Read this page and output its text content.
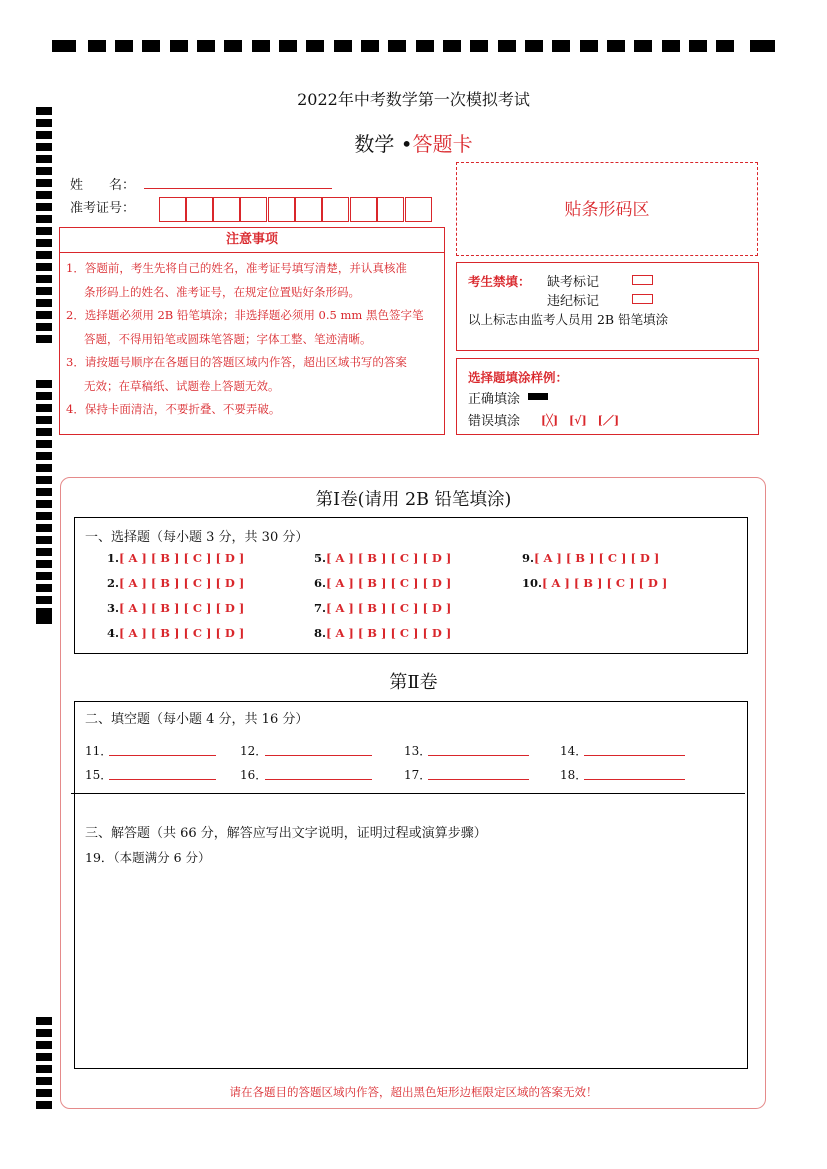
2022年中考数学第一次模拟考试
数学 •答题卡
姓　　名：
准考证号：	贴条形码区
注意事项
1．答题前，考生先将自己的姓名，准考证号填写清楚，并认真核准
条形码上的姓名、准考证号，在规定位置贴好条形码。
2．选择题必须用 2B 铅笔填涂；非选择题必须用 0.5 mm 黑色签字笔
答题，不得用铅笔或圆珠笔答题；字体工整、笔迹清晰。
3．请按题号顺序在各题目的答题区域内作答，超出区域书写的答案
无效；在草稿纸、试题卷上答题无效。
4．保持卡面清洁，不要折叠、不要弄破。
考生禁填： 缺考标记
违纪标记
以上标志由监考人员用 2B 铅笔填涂
选择题填涂样例：
正确填涂
错误填涂 [╳]　[√]　[／]
第Ⅰ卷(请用 2B 铅笔填涂)
一、选择题（每小题 3 分，共 30 分）
1.[ A ] [ B ] [ C ] [ D ]
2.[ A ] [ B ] [ C ] [ D ]
3.[ A ] [ B ] [ C ] [ D ]
4.[ A ] [ B ] [ C ] [ D ]
5.[ A ] [ B ] [ C ] [ D ]
6.[ A ] [ B ] [ C ] [ D ]
7.[ A ] [ B ] [ C ] [ D ]
8.[ A ] [ B ] [ C ] [ D ]
9.[ A ] [ B ] [ C ] [ D ]
10.[ A ] [ B ] [ C ] [ D ]
第Ⅱ卷
二、填空题（每小题 4 分，共 16 分）
三、解答题（共 66 分，解答应写出文字说明，证明过程或演算步骤）
19．（本题满分 6 分）
11．	12．	13．	14．
15．	16．	17．	18．
请在各题目的答题区域内作答，超出黑色矩形边框限定区域的答案无效！
